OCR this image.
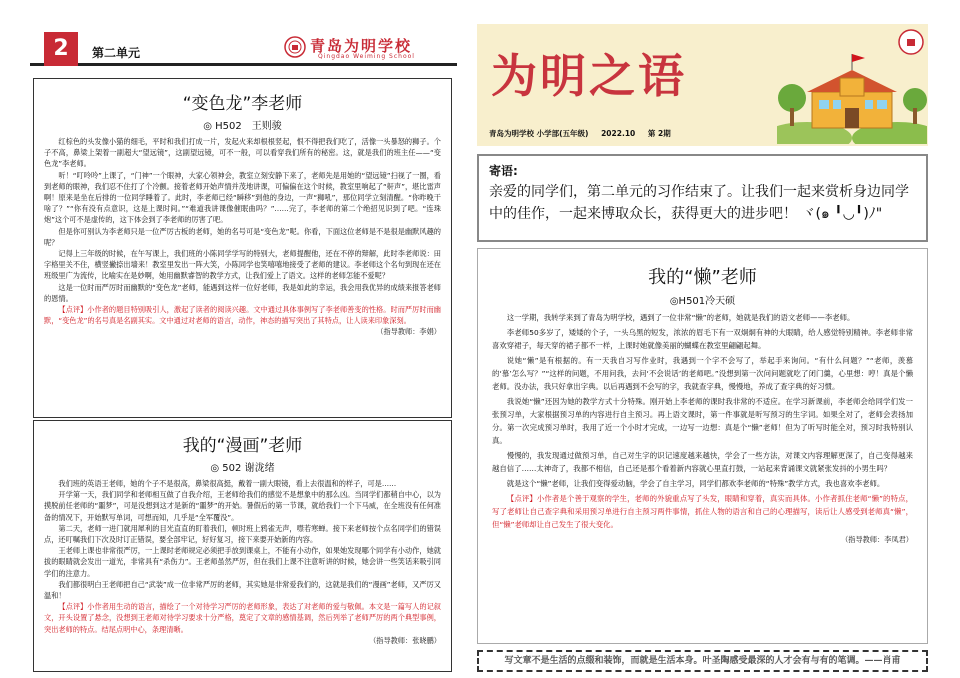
2	第二单元	青岛为明学校
Qingdao Weiming School
“变色龙”李老师
◎ H502　王则骏

红棕色的头发像小猫的细毛，平时和我们打成一片，发起火来却根根竖起，恨不得把我们吃了，活像一头暴怒的狮子。个子不高，鼻梁上架着一副超大“望远镜”，这副望远镜，可不一般，可以看穿我们所有的秘密。这，就是我们的班主任——“变色龙”李老师。

听！“叮呤呤”上课了，“门神”一个眼神，大家心领神会，教室立刻安静下来了，老师先是用她的“望远镜”扫视了一圈，看到老师的眼神，我们忍不住打了个冷颤。接着老师开始声情并茂地讲课，可偏偏在这个时候，教室里响起了“鼾声”，堪比雷声啊！原来是坐在后排的一位同学睡着了。此时，李老师已经“瞬移”到他的身边，一声“狮吼”，那位同学立刻清醒。“你昨晚干啥了？”“你有没有点意识，这是上课时间。”“难道我讲课像催眠曲吗？”……完了，李老师的第二个绝招见识到了吧。“连珠炮”这个可不是虚传的，这下体会到了李老师的厉害了吧。

但是你可别认为李老师只是一位严厉古板的老师，她的名号可是“变色龙”呢。你看，下面这位老师是不是很是幽默风趣的呢？

记得上三年级的时候，在午写课上，我们班的小陈同学学写的特别大，老师提醒他，还在不停的辩解，此时李老师说：田字格里关不住，横竖撇捺出墙来！教室里发出一阵大笑，小陈同学也笑嘻嘻地接受了老师的建议。李老师这个名句到现在还在班级里广为流传，比喻实在是妙啊，她用幽默睿智的教学方式，让我们爱上了语文。这样的老师怎能不爱呢？

这是一位时而严厉时而幽默的“变色龙”老师，能遇到这样一位好老师，我是如此的幸运，我会用我优异的成绩来报答老师的恩情。

【点评】小作者的题目特别吸引人，激起了读者的阅读兴趣。文中通过具体事例写了李老师善变的性格。时而严厉时而幽默，“变色龙”的名号真是名副其实。文中通过对老师的语言，动作，神态的描写突出了其特点，让人读来印象深刻。

（指导教师：李娟）
我的“漫画”老师
◎ 502 谢泷绪

我们班的英语王老师，她的个子不是很高，鼻梁很高挺，戴着一副大眼镜，看上去很温和的样子，可是……

开学第一天，我们同学和老师相互做了自我介绍，王老师给我们的感觉不是想象中的那么凶。当同学们都稍自中心，以为摸脱前任老师的“噩梦”，可是没想到这才是新的“噩梦”的开始。暑假后的第一节课，就给我们一个下马威，在全班没有任何准备的情况下，开始默写单词，可想而知，几乎是“全军覆没”。

第二天，老师一进门就用犀利的目光直直的盯着我们，顿时班上鸦雀无声，噤若寒蝉。接下来老师按个点名同学们的错误点，还叮嘱我们下次及时订正错误，要全部牢记，好好复习，接下来要开始新的内容。

王老师上课也非常很严厉，一上课时老师规定必须把手放到课桌上，不能有小动作，如果她发现哪个同学有小动作，她就拔的眼睛就会发出一道光，非常具有“杀伤力”。王老师虽然严厉，但在我们上课不注意听讲的时候，她会讲一些笑话来吸引同学们的注意力。

我们都很明白王老师把自己“武装”成一位非常严厉的老师，其实她是非常爱我们的，这就是我们的“漫画”老师，又严厉又温和！

【点评】小作者用生动的语言，描绘了一个对待学习严厉的老师形象，表达了对老师的爱与敬佩。本文是一篇写人的记叙文，开头设置了悬念，没想到王老师对待学习要求十分严格，奠定了文章的感情基调，然后列举了老师严厉的两个典型事例，突出老师的特点。结尾点明中心，条理清晰。

（指导教师：张晓鹏）
为明之语
青岛为明学校 小学部(五年级) 2022.10 第 2期
寄语:
亲爱的同学们，第二单元的习作结束了。让我们一起来赏析身边同学中的佳作，一起来博取众长，获得更大的进步吧！ ヾ(๑ ╹◡╹)ﾉ"
我的“懒”老师
◎H501冷天硕

这一学期，我转学来到了青岛为明学校，遇到了一位非常“懒”的老师，她就是我们的语文老师——李老师。

李老师50多岁了，矮矮的个子，一头乌黑的短发，浓浓的眉毛下有一双炯炯有神的大眼睛，给人感觉特别精神。李老师非常喜欢穿裙子，每天穿的裙子都不一样，上课时她就像美丽的蝴蝶在教室里翩翩起舞。

说她“懒”是有根据的。有一天我自习写作业时，我遇到一个字不会写了，举起手来询问。“有什么问题？”“老师，羡慕的‘慕’怎么写？”“这样的问题，不用问我，去问‘不会说话’的老师吧。”没想到第一次问问题就吃了闭门羹，心里想：哼！真是个懒老师。没办法，我只好拿出字典。以后再遇到不会写的字，我就查字典，慢慢地，养成了查字典的好习惯。

我说她“懒”还因为她的教学方式十分特殊。刚开始上李老师的课时我非常的不适应。在学习新课前，李老师会给同学们发一张预习单，大家根据预习单的内容进行自主预习。再上语文课时，第一件事就是听写预习的生字词。如果全对了，老师会表扬加分。第一次完成预习单时，我用了近一个小时才完成，一边写一边想：真是个“懒”老师！但为了听写时能全对，预习时我特别认真。

慢慢的，我发现通过做预习单，自己对生字的识记速度越来越快，学会了一些方法，对课文内容理解更深了，自己变得越来越自信了……太神奇了，我都不相信，自己还是那个看着新内容就心里直打鼓，一站起来背诵课文就紧张发抖的小男生吗？

就是这个“懒”老师，让我们变得爱动脑，学会了自主学习，同学们都欢李老师的“特殊”教学方式，我也喜欢李老师。

【点评】小作者是个善于观察的学生，老师的外貌重点写了头发，眼睛和穿着，真实而具体。小作者抓住老师“懒”的特点，写了老师让自己查字典和采用预习单进行自主预习两件事情，抓住人物的语言和自己的心理描写，读后让人感受到老师真“懒”，但“懒”老师却让自己发生了很大变化。

（指导教师：李凤君）
写文章不是生活的点缀和装饰，而就是生活本身。叶圣陶感受最深的人才会有与有的笔调。——肖甫
